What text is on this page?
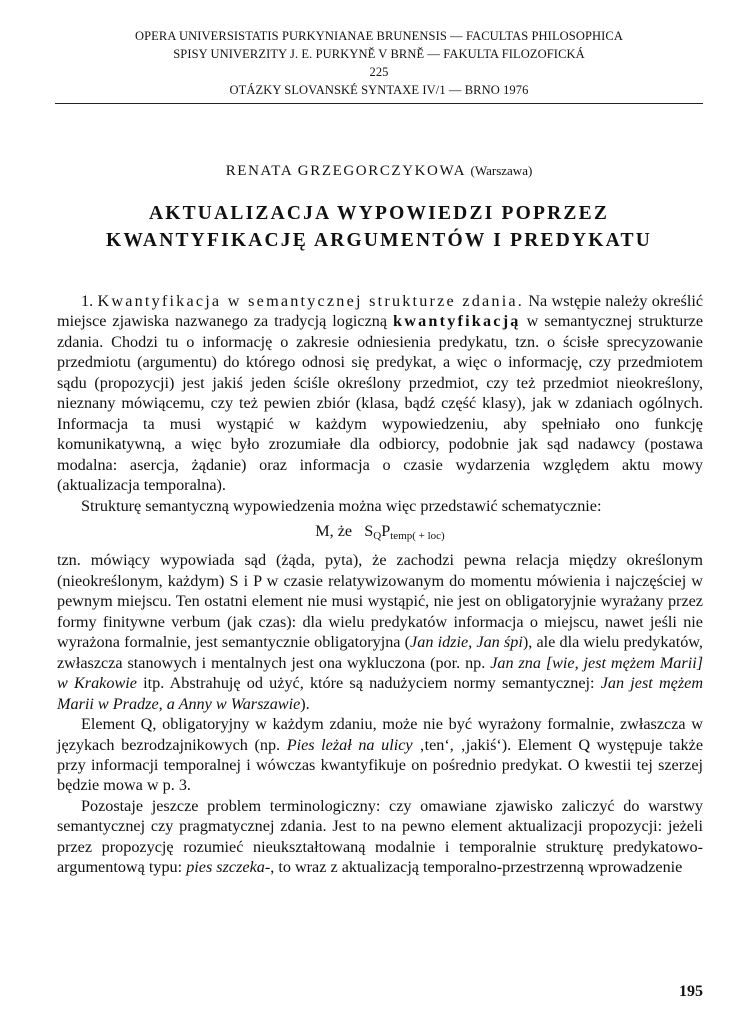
OPERA UNIVERSISTATIS PURKYNIANAE BRUNENSIS — FACULTAS PHILOSOPHICA
SPISY UNIVERZITY J. E. PURKYNĚ V BRNĚ — FAKULTA FILOZOFICKÁ
225
OTÁZKY SLOVANSKÉ SYNTAXE IV/1 — BRNO 1976
RENATA GRZEGORCZYKOWA (Warszawa)
AKTUALIZACJA WYPOWIEDZI POPRZEZ
KWANTYFIKACJĘ ARGUMENTÓW I PREDYKATU

1. Kwantyfikacja w semantycznej strukturze zdania. Na wstępie należy określić miejsce zjawiska nazwanego za tradycją logiczną kwantyfikacją w semantycznej strukturze zdania. Chodzi tu o informację o zakresie odniesienia predykatu, tzn. o ścisłe sprecyzowanie przedmiotu (argumentu) do którego odnosi się predykat, a więc o informację, czy przedmiotem sądu (propozycji) jest jakiś jeden ściśle określony przedmiot, czy też przedmiot nieokreślony, nieznany mówiącemu, czy też pewien zbiór (klasa, bądź część klasy), jak w zdaniach ogólnych. Informacja ta musi wystąpić w każdym wypowiedzeniu, aby spełniało ono funkcję komunikatywną, a więc było zrozumiałe dla odbiorcy, podobnie jak sąd nadawcy (postawa modalna: asercja, żądanie) oraz informacja o czasie wydarzenia względem aktu mowy (aktualizacja temporalna).

Strukturę semantyczną wypowiedzenia można więc przedstawić schematycznie:

M, że $S_QP_{temp( + loc)}$

tzn. mówiący wypowiada sąd (żąda, pyta), że zachodzi pewna relacja między określonym (nieokreślonym, każdym) S i P w czasie relatywizowanym do momentu mówienia i najczęściej w pewnym miejscu. Ten ostatni element nie musi wystąpić, nie jest on obligatoryjnie wyrażany przez formy finitywne verbum (jak czas): dla wielu predykatów informacja o miejscu, nawet jeśli nie wyrażona formalnie, jest semantycznie obligatoryjna (Jan idzie, Jan śpi), ale dla wielu predykatów, zwłaszcza stanowych i mentalnych jest ona wykluczona (por. np. Jan zna [wie, jest mężem Marii] w Krakowie itp. Abstrahuję od użyć, które są nadużyciem normy semantycznej: Jan jest mężem Marii w Pradze, a Anny w Warszawie).

Element Q, obligatoryjny w każdym zdaniu, może nie być wyrażony formalnie, zwłaszcza w językach bezrodzajnikowych (np. Pies leżał na ulicy ‚ten‘, ‚jakiś‘). Element Q występuje także przy informacji temporalnej i wówczas kwantyfikuje on pośrednio predykat. O kwestii tej szerzej będzie mowa w p. 3.

Pozostaje jeszcze problem terminologiczny: czy omawiane zjawisko zaliczyć do warstwy semantycznej czy pragmatycznej zdania. Jest to na pewno element aktualizacji propozycji: jeżeli przez propozycję rozumieć nieukształtowaną modalnie i temporalnie strukturę predykatowo-argumentową typu: pies szczeka-, to wraz z aktualizacją temporalno-przestrzenną wprowadzenie

195
